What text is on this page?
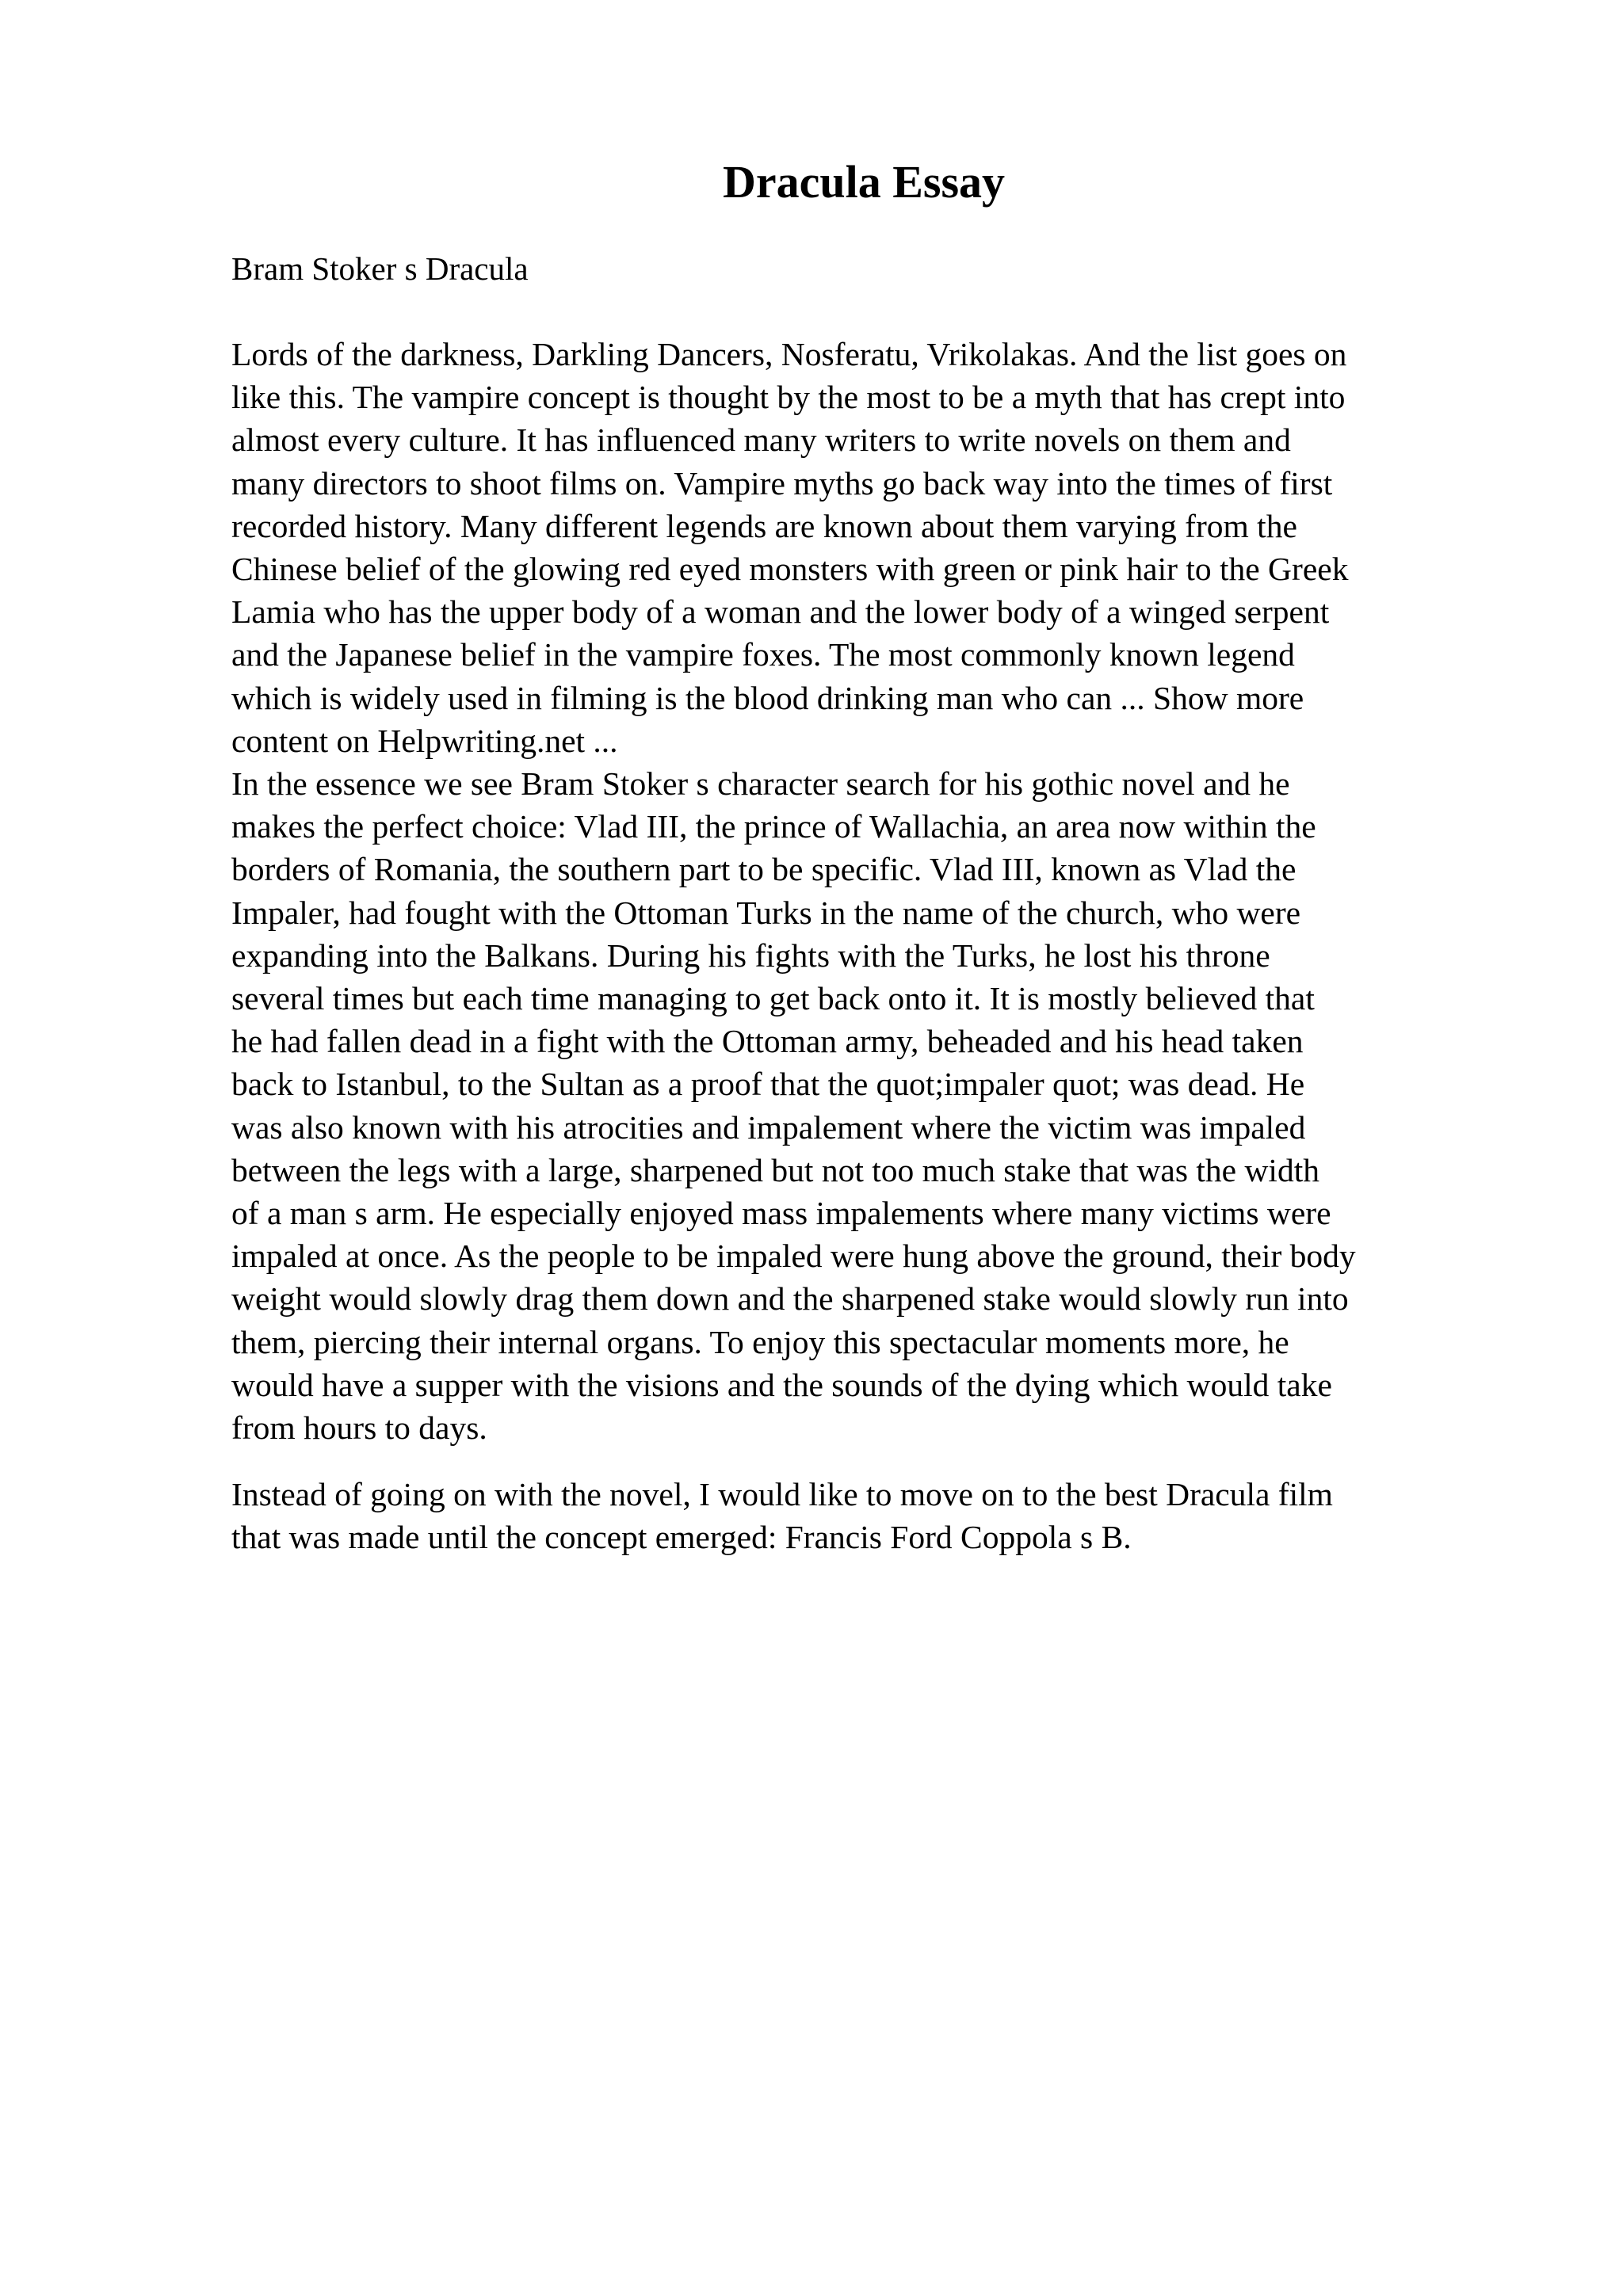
Dracula Essay

Bram Stoker s Dracula

Lords of the darkness, Darkling Dancers, Nosferatu, Vrikolakas. And the list goes on
like this. The vampire concept is thought by the most to be a myth that has crept into
almost every culture. It has influenced many writers to write novels on them and
many directors to shoot films on. Vampire myths go back way into the times of first
recorded history. Many different legends are known about them varying from the
Chinese belief of the glowing red eyed monsters with green or pink hair to the Greek
Lamia who has the upper body of a woman and the lower body of a winged serpent
and the Japanese belief in the vampire foxes. The most commonly known legend
which is widely used in filming is the blood drinking man who can ... Show more
content on Helpwriting.net ...

In the essence we see Bram Stoker s character search for his gothic novel and he
makes the perfect choice: Vlad III, the prince of Wallachia, an area now within the
borders of Romania, the southern part to be specific. Vlad III, known as Vlad the
Impaler, had fought with the Ottoman Turks in the name of the church, who were
expanding into the Balkans. During his fights with the Turks, he lost his throne
several times but each time managing to get back onto it. It is mostly believed that
he had fallen dead in a fight with the Ottoman army, beheaded and his head taken
back to Istanbul, to the Sultan as a proof that the quot;impaler quot; was dead. He
was also known with his atrocities and impalement where the victim was impaled
between the legs with a large, sharpened but not too much stake that was the width
of a man s arm. He especially enjoyed mass impalements where many victims were
impaled at once. As the people to be impaled were hung above the ground, their body
weight would slowly drag them down and the sharpened stake would slowly run into
them, piercing their internal organs. To enjoy this spectacular moments more, he
would have a supper with the visions and the sounds of the dying which would take
from hours to days.

Instead of going on with the novel, I would like to move on to the best Dracula film
that was made until the concept emerged: Francis Ford Coppola s B.
